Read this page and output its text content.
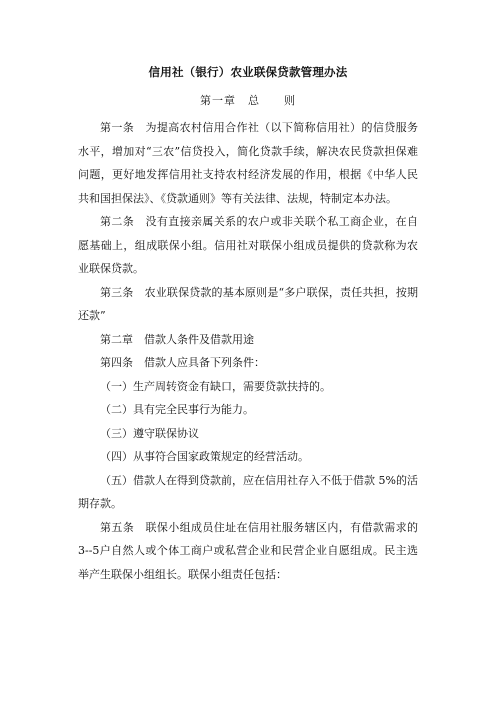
信用社（银行）农业联保贷款管理办法
第一章　总　　则

第一条　为提高农村信用合作社（以下简称信用社）的信贷服务水平，增加对“三农”信贷投入，简化贷款手续，解决农民贷款担保难问题，更好地发挥信用社支持农村经济发展的作用，根据《中华人民共和国担保法》、《贷款通则》等有关法律、法规，特制定本办法。

第二条　没有直接亲属关系的农户或非关联个私工商企业，在自愿基础上，组成联保小组。信用社对联保小组成员提供的贷款称为农业联保贷款。

第三条　农业联保贷款的基本原则是“多户联保，责任共担，按期还款”

第二章　借款人条件及借款用途

第四条　借款人应具备下列条件：

（一）生产周转资金有缺口，需要贷款扶持的。

（二）具有完全民事行为能力。

（三）遵守联保协议

（四）从事符合国家政策规定的经营活动。

（五）借款人在得到贷款前，应在信用社存入不低于借款 5%的活期存款。

第五条　联保小组成员住址在信用社服务辖区内，有借款需求的3--5户自然人或个体工商户或私营企业和民营企业自愿组成。民主选举产生联保小组组长。联保小组责任包括：
